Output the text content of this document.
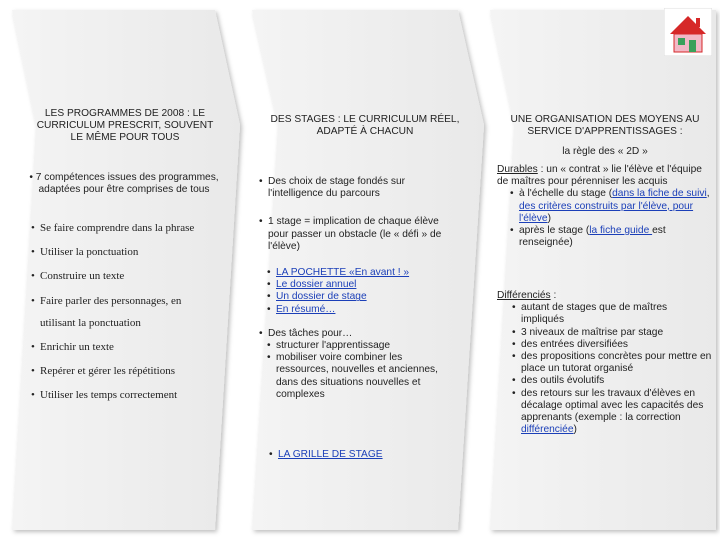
LES PROGRAMMES DE 2008 : LE CURRICULUM PRESCRIT, SOUVENT LE MÊME POUR TOUS
• 7 compétences issues des programmes, adaptées pour être comprises de tous
• Se faire comprendre dans la phrase
• Utiliser la ponctuation
• Construire un texte
• Faire parler des personnages, en
utilisant la ponctuation
• Enrichir un texte
• Repérer et gérer les répétitions
• Utiliser les temps correctement
DES STAGES : LE CURRICULUM RÉEL, ADAPTÉ À CHACUN
• Des choix de stage fondés sur l'intelligence du parcours
• 1 stage = implication de chaque élève pour passer un obstacle (le « défi » de l'élève)
• LA POCHETTE «En avant ! »
• Le dossier annuel
• Un dossier de stage
• En résumé…
• Des tâches pour…
• structurer l'apprentissage
• mobiliser voire combiner les ressources, nouvelles et anciennes, dans des situations nouvelles et complexes
• LA GRILLE DE STAGE
UNE ORGANISATION DES MOYENS AU SERVICE D'APPRENTISSAGES :
la règle des « 2D »
Durables : un « contrat » lie l'élève et l'équipe de maîtres pour pérenniser les acquis
• à l'échelle du stage (dans la fiche de suivi, des critères construits par l'élève, pour l'élève)
• après le stage (la fiche guide est renseignée)
Différenciés :
• autant de stages que de maîtres impliqués
• 3 niveaux de maîtrise par stage
• des entrées diversifiées
• des propositions concrètes pour mettre en place un tutorat organisé
• des outils évolutifs
• des retours sur les travaux d'élèves en décalage optimal avec les capacités des apprenants (exemple : la correction différenciée)
